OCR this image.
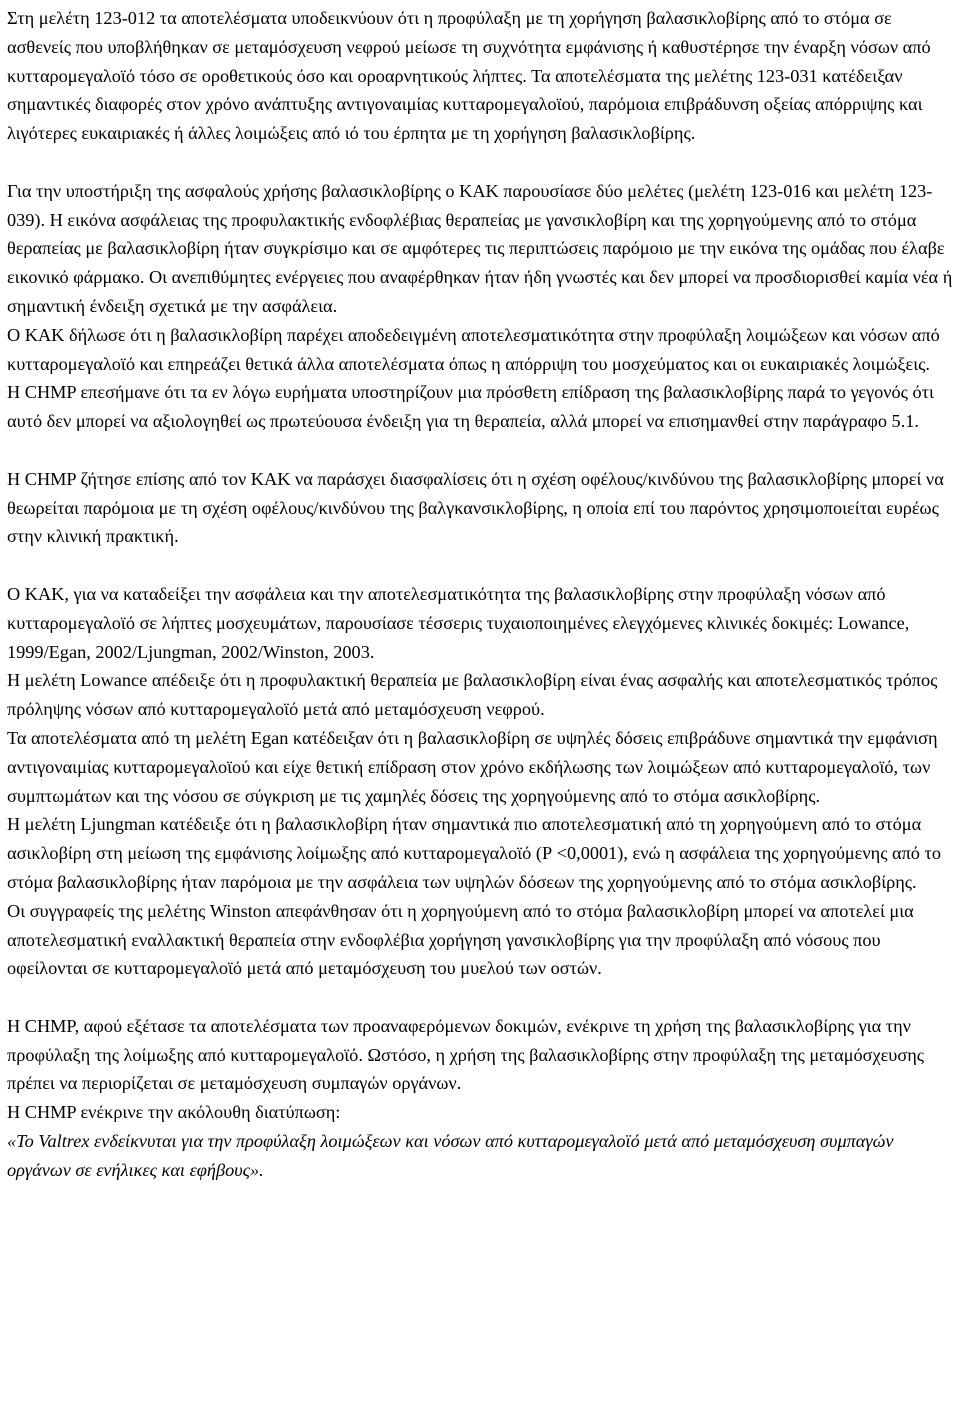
Στη μελέτη 123-012 τα αποτελέσματα υποδεικνύουν ότι η προφύλαξη με τη χορήγηση βαλασικλοβίρης από το στόμα σε ασθενείς που υποβλήθηκαν σε μεταμόσχευση νεφρού μείωσε τη συχνότητα εμφάνισης ή καθυστέρησε την έναρξη νόσων από κυτταρομεγαλοϊό τόσο σε οροθετικούς όσο και οροαρνητικούς λήπτες. Τα αποτελέσματα της μελέτης 123-031 κατέδειξαν σημαντικές διαφορές στον χρόνο ανάπτυξης αντιγοναιμίας κυτταρομεγαλοϊού, παρόμοια επιβράδυνση οξείας απόρριψης και λιγότερες ευκαιριακές ή άλλες λοιμώξεις από ιό του έρπητα με τη χορήγηση βαλασικλοβίρης.

Για την υποστήριξη της ασφαλούς χρήσης βαλασικλοβίρης ο ΚΑΚ παρουσίασε δύο μελέτες (μελέτη 123-016 και μελέτη 123-039). Η εικόνα ασφάλειας της προφυλακτικής ενδοφλέβιας θεραπείας με γανσικλοβίρη και της χορηγούμενης από το στόμα θεραπείας με βαλασικλοβίρη ήταν συγκρίσιμο και σε αμφότερες τις περιπτώσεις παρόμοιο με την εικόνα της ομάδας που έλαβε εικονικό φάρμακο. Οι ανεπιθύμητες ενέργειες που αναφέρθηκαν ήταν ήδη γνωστές και δεν μπορεί να προσδιορισθεί καμία νέα ή σημαντική ένδειξη σχετικά με την ασφάλεια.

Ο ΚΑΚ δήλωσε ότι η βαλασικλοβίρη παρέχει αποδεδειγμένη αποτελεσματικότητα στην προφύλαξη λοιμώξεων και νόσων από κυτταρομεγαλοϊό και επηρεάζει θετικά άλλα αποτελέσματα όπως η απόρριψη του μοσχεύματος και οι ευκαιριακές λοιμώξεις.

Η CHMP επεσήμανε ότι τα εν λόγω ευρήματα υποστηρίζουν μια πρόσθετη επίδραση της βαλασικλοβίρης παρά το γεγονός ότι αυτό δεν μπορεί να αξιολογηθεί ως πρωτεύουσα ένδειξη για τη θεραπεία, αλλά μπορεί να επισημανθεί στην παράγραφο 5.1.

Η CHMP ζήτησε επίσης από τον ΚΑΚ να παράσχει διασφαλίσεις ότι η σχέση οφέλους/κινδύνου της βαλασικλοβίρης μπορεί να θεωρείται παρόμοια με τη σχέση οφέλους/κινδύνου της βαλγκανσικλοβίρης, η οποία επί του παρόντος χρησιμοποιείται ευρέως στην κλινική πρακτική.

Ο ΚΑΚ, για να καταδείξει την ασφάλεια και την αποτελεσματικότητα της βαλασικλοβίρης στην προφύλαξη νόσων από κυτταρομεγαλοϊό σε λήπτες μοσχευμάτων, παρουσίασε τέσσερις τυχαιοποιημένες ελεγχόμενες κλινικές δοκιμές: Lowance, 1999/Egan, 2002/Ljungman, 2002/Winston, 2003.

Η μελέτη Lowance απέδειξε ότι η προφυλακτική θεραπεία με βαλασικλοβίρη είναι ένας ασφαλής και αποτελεσματικός τρόπος πρόληψης νόσων από κυτταρομεγαλοϊό μετά από μεταμόσχευση νεφρού.

Τα αποτελέσματα από τη μελέτη Egan κατέδειξαν ότι η βαλασικλοβίρη σε υψηλές δόσεις επιβράδυνε σημαντικά την εμφάνιση αντιγοναιμίας κυτταρομεγαλοϊού και είχε θετική επίδραση στον χρόνο εκδήλωσης των λοιμώξεων από κυτταρομεγαλοϊό, των συμπτωμάτων και της νόσου σε σύγκριση με τις χαμηλές δόσεις της χορηγούμενης από το στόμα ασικλοβίρης.

Η μελέτη Ljungman κατέδειξε ότι η βαλασικλοβίρη ήταν σημαντικά πιο αποτελεσματική από τη χορηγούμενη από το στόμα ασικλοβίρη στη μείωση της εμφάνισης λοίμωξης από κυτταρομεγαλοϊό (Ρ <0,0001), ενώ η ασφάλεια της χορηγούμενης από το στόμα βαλασικλοβίρης ήταν παρόμοια με την ασφάλεια των υψηλών δόσεων της χορηγούμενης από το στόμα ασικλοβίρης.

Οι συγγραφείς της μελέτης Winston απεφάνθησαν ότι η χορηγούμενη από το στόμα βαλασικλοβίρη μπορεί να αποτελεί μια αποτελεσματική εναλλακτική θεραπεία στην ενδοφλέβια χορήγηση γανσικλοβίρης για την προφύλαξη από νόσους που οφείλονται σε κυτταρομεγαλοϊό μετά από μεταμόσχευση του μυελού των οστών.

Η CHMP, αφού εξέτασε τα αποτελέσματα των προαναφερόμενων δοκιμών, ενέκρινε τη χρήση της βαλασικλοβίρης για την προφύλαξη της λοίμωξης από κυτταρομεγαλοϊό. Ωστόσο, η χρήση της βαλασικλοβίρης στην προφύλαξη της μεταμόσχευσης πρέπει να περιορίζεται σε μεταμόσχευση συμπαγών οργάνων.

Η CHMP ενέκρινε την ακόλουθη διατύπωση:

«Το Valtrex ενδείκνυται για την προφύλαξη λοιμώξεων και νόσων από κυτταρομεγαλοϊό μετά από μεταμόσχευση συμπαγών οργάνων σε ενήλικες και εφήβους».
